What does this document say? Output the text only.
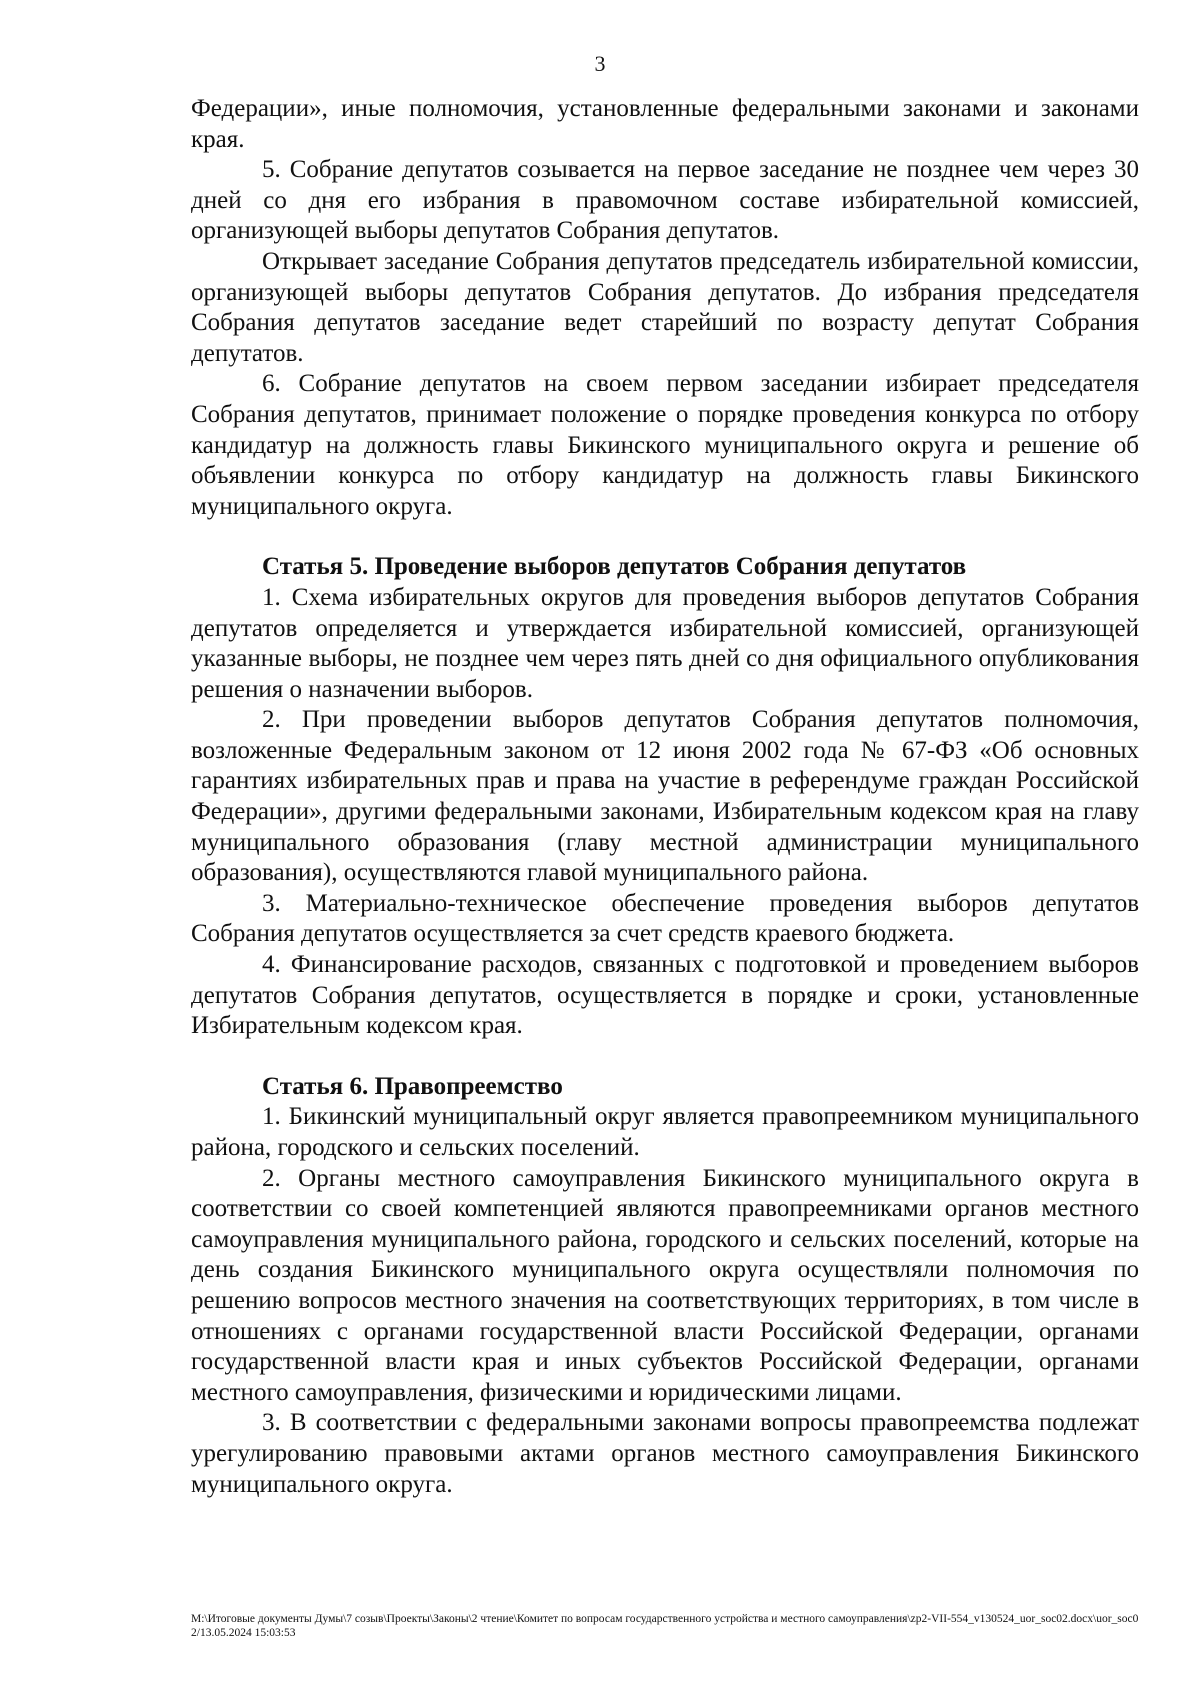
3

Федерации», иные полномочия, установленные федеральными законами и законами края.

5. Собрание депутатов созывается на первое заседание не позднее чем через 30 дней со дня его избрания в правомочном составе избирательной комиссией, организующей выборы депутатов Собрания депутатов.

Открывает заседание Собрания депутатов председатель избирательной комиссии, организующей выборы депутатов Собрания депутатов. До избрания председателя Собрания депутатов заседание ведет старейший по возрасту депутат Собрания депутатов.

6. Собрание депутатов на своем первом заседании избирает председателя Собрания депутатов, принимает положение о порядке проведения конкурса по отбору кандидатур на должность главы Бикинского муниципального округа и решение об объявлении конкурса по отбору кандидатур на должность главы Бикинского муниципального округа.

Статья 5. Проведение выборов депутатов Собрания депутатов

1. Схема избирательных округов для проведения выборов депутатов Собрания депутатов определяется и утверждается избирательной комиссией, организующей указанные выборы, не позднее чем через пять дней со дня официального опубликования решения о назначении выборов.

2. При проведении выборов депутатов Собрания депутатов полномочия, возложенные Федеральным законом от 12 июня 2002 года № 67-ФЗ «Об основных гарантиях избирательных прав и права на участие в референдуме граждан Российской Федерации», другими федеральными законами, Избирательным кодексом края на главу муниципального образования (главу местной администрации муниципального образования), осуществляются главой муниципального района.

3. Материально-техническое обеспечение проведения выборов депутатов Собрания депутатов осуществляется за счет средств краевого бюджета.

4. Финансирование расходов, связанных с подготовкой и проведением выборов депутатов Собрания депутатов, осуществляется в порядке и сроки, установленные Избирательным кодексом края.

Статья 6. Правопреемство

1. Бикинский муниципальный округ является правопреемником муниципального района, городского и сельских поселений.

2. Органы местного самоуправления Бикинского муниципального округа в соответствии со своей компетенцией являются правопреемниками органов местного самоуправления муниципального района, городского и сельских поселений, которые на день создания Бикинского муниципального округа осуществляли полномочия по решению вопросов местного значения на соответствующих территориях, в том числе в отношениях с органами государственной власти Российской Федерации, органами государственной власти края и иных субъектов Российской Федерации, органами местного самоуправления, физическими и юридическими лицами.

3. В соответствии с федеральными законами вопросы правопреемства подлежат урегулированию правовыми актами органов местного самоуправления Бикинского муниципального округа.

M:\Итоговые документы Думы\7 созыв\Проекты\Законы\2 чтение\Комитет по вопросам государственного устройства и местного самоуправления\zp2-VII-554_v130524_uor_soc02.docx\uor_soc02/13.05.2024 15:03:53
